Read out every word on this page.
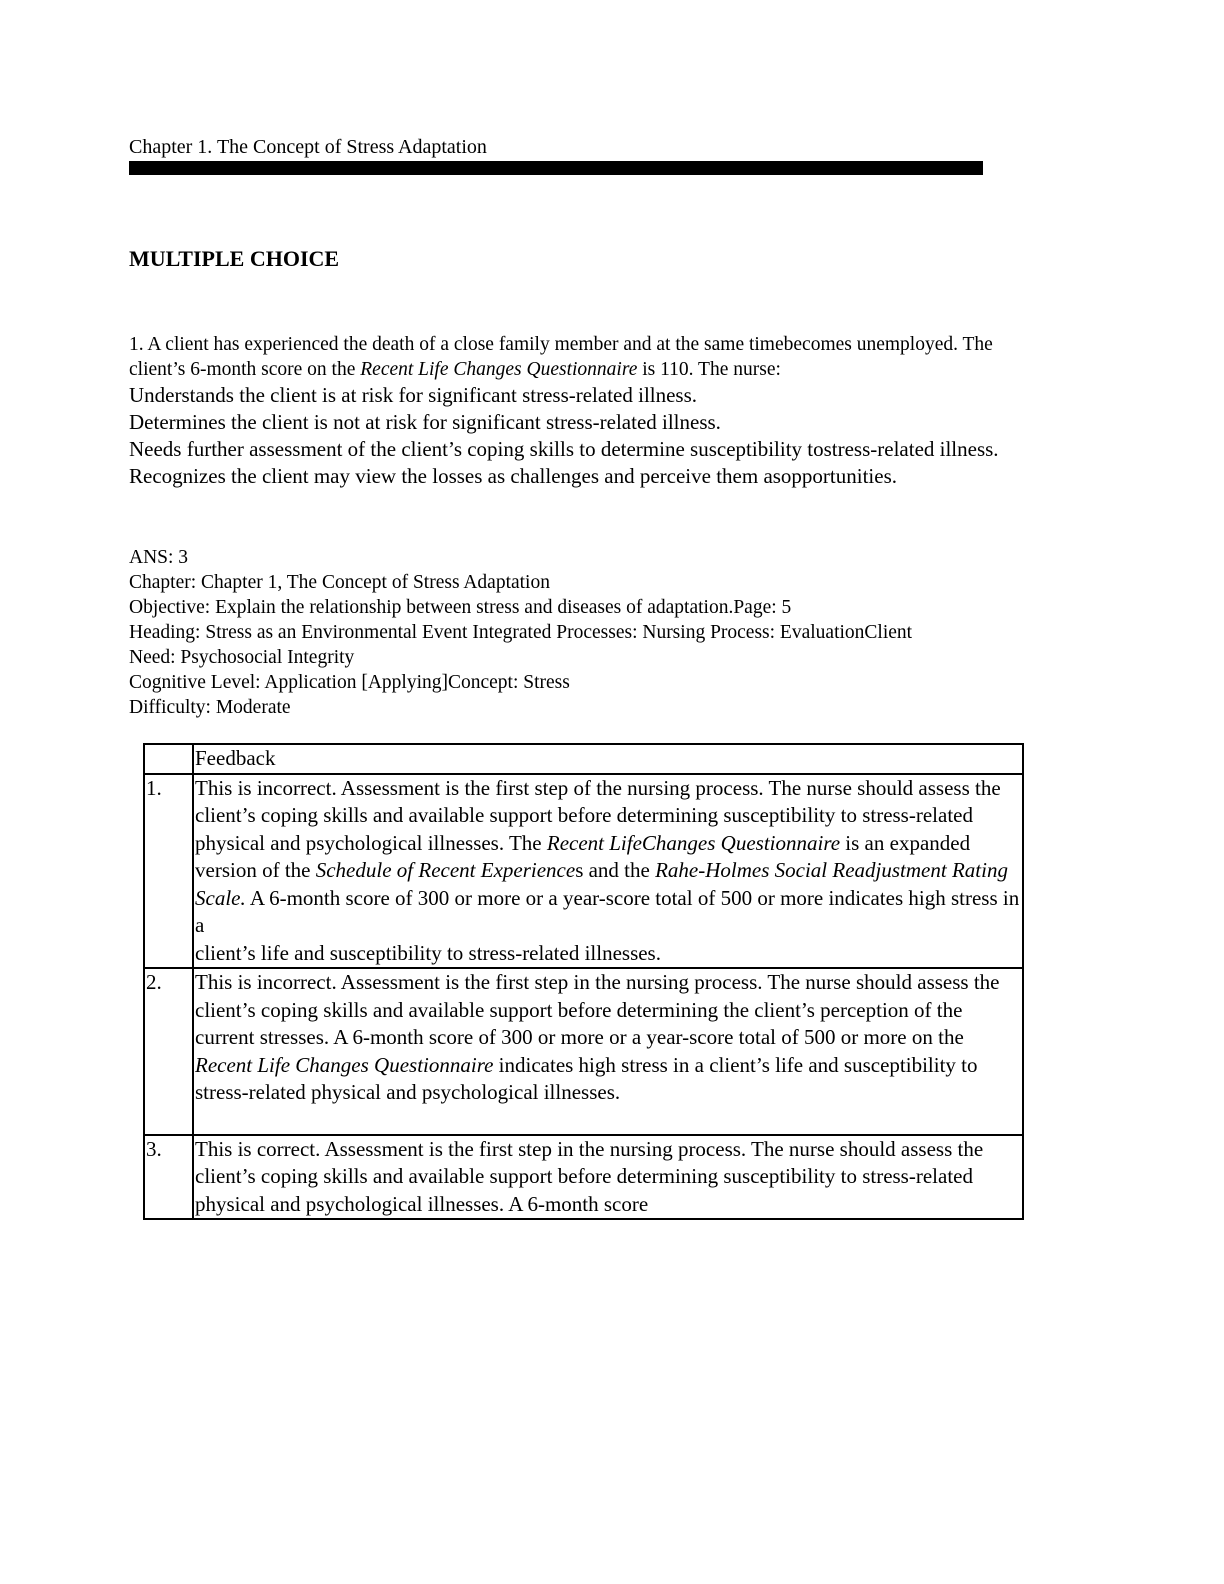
Chapter 1. The Concept of Stress Adaptation
MULTIPLE CHOICE
1. A client has experienced the death of a close family member and at the same timebecomes unemployed. The client’s 6-month score on the Recent Life Changes Questionnaire is 110. The nurse:
Understands the client is at risk for significant stress-related illness.
Determines the client is not at risk for significant stress-related illness.
Needs further assessment of the client’s coping skills to determine susceptibility tostress-related illness.
Recognizes the client may view the losses as challenges and perceive them asopportunities.
ANS: 3
Chapter: Chapter 1, The Concept of Stress Adaptation
Objective: Explain the relationship between stress and diseases of adaptation.Page: 5
Heading: Stress as an Environmental Event Integrated Processes: Nursing Process: EvaluationClient
Need: Psychosocial Integrity
Cognitive Level: Application [Applying]Concept: Stress
Difficulty: Moderate
	Feedback
1.	This is incorrect. Assessment is the first step of the nursing process. The nurse should assess the client’s coping skills and available support before determining susceptibility to stress-related physical and psychological illnesses. The Recent LifeChanges Questionnaire is an expanded version of the Schedule of Recent Experiences and the Rahe-Holmes Social Readjustment Rating Scale. A 6-month score of 300 or more or a year-score total of 500 or more indicates high stress in a
client’s life and susceptibility to stress-related illnesses.
2.	This is incorrect. Assessment is the first step in the nursing process. The nurse should assess the client’s coping skills and available support before determining the client’s perception of the current stresses. A 6-month score of 300 or more or a year-score total of 500 or more on the Recent Life Changes Questionnaire indicates high stress in a client’s life and susceptibility to stress-related physical and psychological illnesses.
3.	This is correct. Assessment is the first step in the nursing process. The nurse should assess the client’s coping skills and available support before determining susceptibility to stress-related physical and psychological illnesses. A 6-month score
